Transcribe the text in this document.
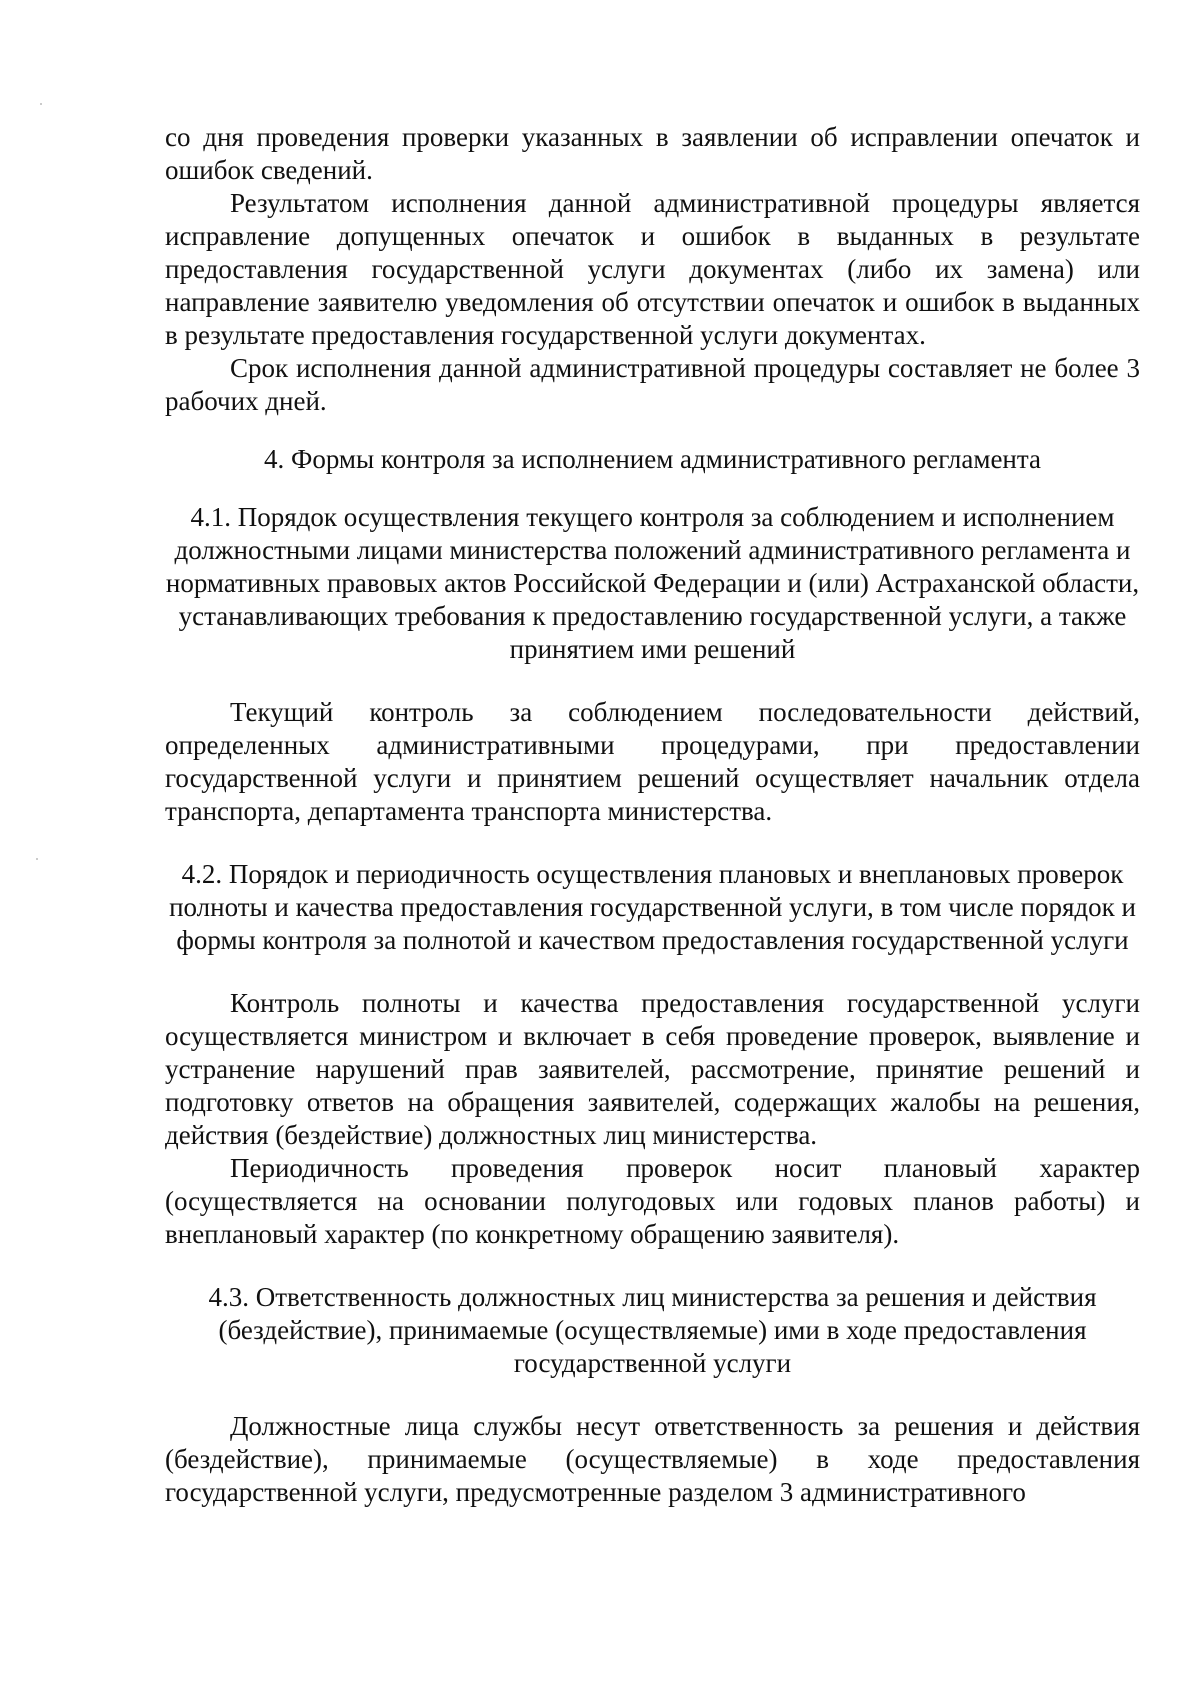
со дня проведения проверки указанных в заявлении об исправлении опечаток и ошибок сведений.

Результатом исполнения данной административной процедуры является исправление допущенных опечаток и ошибок в выданных в результате предоставления государственной услуги документах (либо их замена) или направление заявителю уведомления об отсутствии опечаток и ошибок в выданных в результате предоставления государственной услуги документах.

Срок исполнения данной административной процедуры составляет не более 3 рабочих дней.

4. Формы контроля за исполнением административного регламента
4.1. Порядок осуществления текущего контроля за соблюдением и исполнением должностными лицами министерства положений административного регламента и нормативных правовых актов Российской Федерации и (или) Астраханской области, устанавливающих требования к предоставлению государственной услуги, а также принятием ими решений

Текущий контроль за соблюдением последовательности действий, определенных административными процедурами, при предоставлении государственной услуги и принятием решений осуществляет начальник отдела транспорта, департамента транспорта министерства.

4.2. Порядок и периодичность осуществления плановых и внеплановых проверок полноты и качества предоставления государственной услуги, в том числе порядок и формы контроля за полнотой и качеством предоставления государственной услуги

Контроль полноты и качества предоставления государственной услуги осуществляется министром и включает в себя проведение проверок, выявление и устранение нарушений прав заявителей, рассмотрение, принятие решений и подготовку ответов на обращения заявителей, содержащих жалобы на решения, действия (бездействие) должностных лиц министерства.

Периодичность проведения проверок носит плановый характер (осуществляется на основании полугодовых или годовых планов работы) и внеплановый характер (по конкретному обращению заявителя).

4.3. Ответственность должностных лиц министерства за решения и действия (бездействие), принимаемые (осуществляемые) ими в ходе предоставления государственной услуги

Должностные лица службы несут ответственность за решения и действия (бездействие), принимаемые (осуществляемые) в ходе предоставления государственной услуги, предусмотренные разделом 3 административного
